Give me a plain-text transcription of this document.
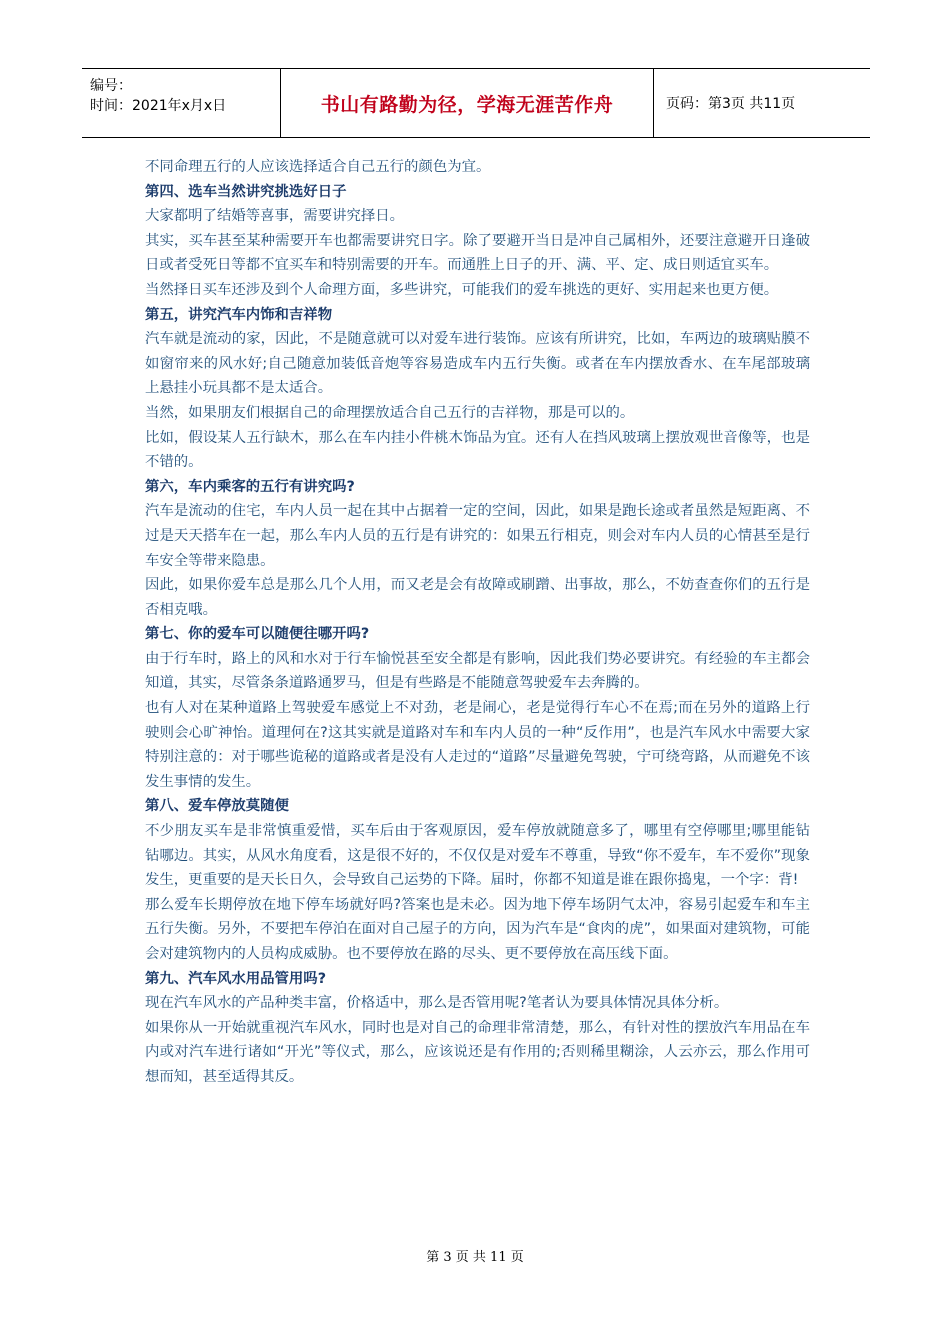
编号：
时间：2021年x月x日	书山有路勤为径，学海无涯苦作舟	页码：第3页 共11页

不同命理五行的人应该选择适合自己五行的颜色为宜。

第四、选车当然讲究挑选好日子

大家都明了结婚等喜事，需要讲究择日。

其实，买车甚至某种需要开车也都需要讲究日字。除了要避开当日是冲自己属相外，还要注意避开日逢破日或者受死日等都不宜买车和特别需要的开车。而通胜上日子的开、满、平、定、成日则适宜买车。

当然择日买车还涉及到个人命理方面，多些讲究，可能我们的爱车挑选的更好、实用起来也更方便。

第五，讲究汽车内饰和吉祥物

汽车就是流动的家，因此，不是随意就可以对爱车进行装饰。应该有所讲究，比如，车两边的玻璃贴膜不如窗帘来的风水好;自己随意加装低音炮等容易造成车内五行失衡。或者在车内摆放香水、在车尾部玻璃上悬挂小玩具都不是太适合。

当然，如果朋友们根据自己的命理摆放适合自己五行的吉祥物，那是可以的。

比如，假设某人五行缺木，那么在车内挂小件桃木饰品为宜。还有人在挡风玻璃上摆放观世音像等，也是不错的。

第六，车内乘客的五行有讲究吗?

汽车是流动的住宅，车内人员一起在其中占据着一定的空间，因此，如果是跑长途或者虽然是短距离、不过是天天搭车在一起，那么车内人员的五行是有讲究的：如果五行相克，则会对车内人员的心情甚至是行车安全等带来隐患。

因此，如果你爱车总是那么几个人用，而又老是会有故障或刷蹭、出事故，那么，不妨查查你们的五行是否相克哦。

第七、你的爱车可以随便往哪开吗?

由于行车时，路上的风和水对于行车愉悦甚至安全都是有影响，因此我们势必要讲究。有经验的车主都会知道，其实，尽管条条道路通罗马，但是有些路是不能随意驾驶爱车去奔腾的。

也有人对在某种道路上驾驶爱车感觉上不对劲，老是闹心，老是觉得行车心不在焉;而在另外的道路上行驶则会心旷神怡。道理何在?这其实就是道路对车和车内人员的一种“反作用”，也是汽车风水中需要大家特别注意的：对于哪些诡秘的道路或者是没有人走过的“道路”尽量避免驾驶，宁可绕弯路，从而避免不该发生事情的发生。

第八、爱车停放莫随便

不少朋友买车是非常慎重爱惜，买车后由于客观原因，爱车停放就随意多了，哪里有空停哪里;哪里能钻钻哪边。其实，从风水角度看，这是很不好的，不仅仅是对爱车不尊重，导致“你不爱车，车不爱你”现象发生，更重要的是天长日久，会导致自己运势的下降。届时，你都不知道是谁在跟你捣鬼，一个字：背!

那么爱车长期停放在地下停车场就好吗?答案也是未必。因为地下停车场阴气太冲，容易引起爱车和车主五行失衡。另外，不要把车停泊在面对自己屋子的方向，因为汽车是“食肉的虎”，如果面对建筑物，可能会对建筑物内的人员构成威胁。也不要停放在路的尽头、更不要停放在高压线下面。

第九、汽车风水用品管用吗?

现在汽车风水的产品种类丰富，价格适中，那么是否管用呢?笔者认为要具体情况具体分析。

如果你从一开始就重视汽车风水，同时也是对自己的命理非常清楚，那么，有针对性的摆放汽车用品在车内或对汽车进行诸如“开光”等仪式，那么，应该说还是有作用的;否则稀里糊涂，人云亦云，那么作用可想而知，甚至适得其反。

第 3 页 共 11 页
